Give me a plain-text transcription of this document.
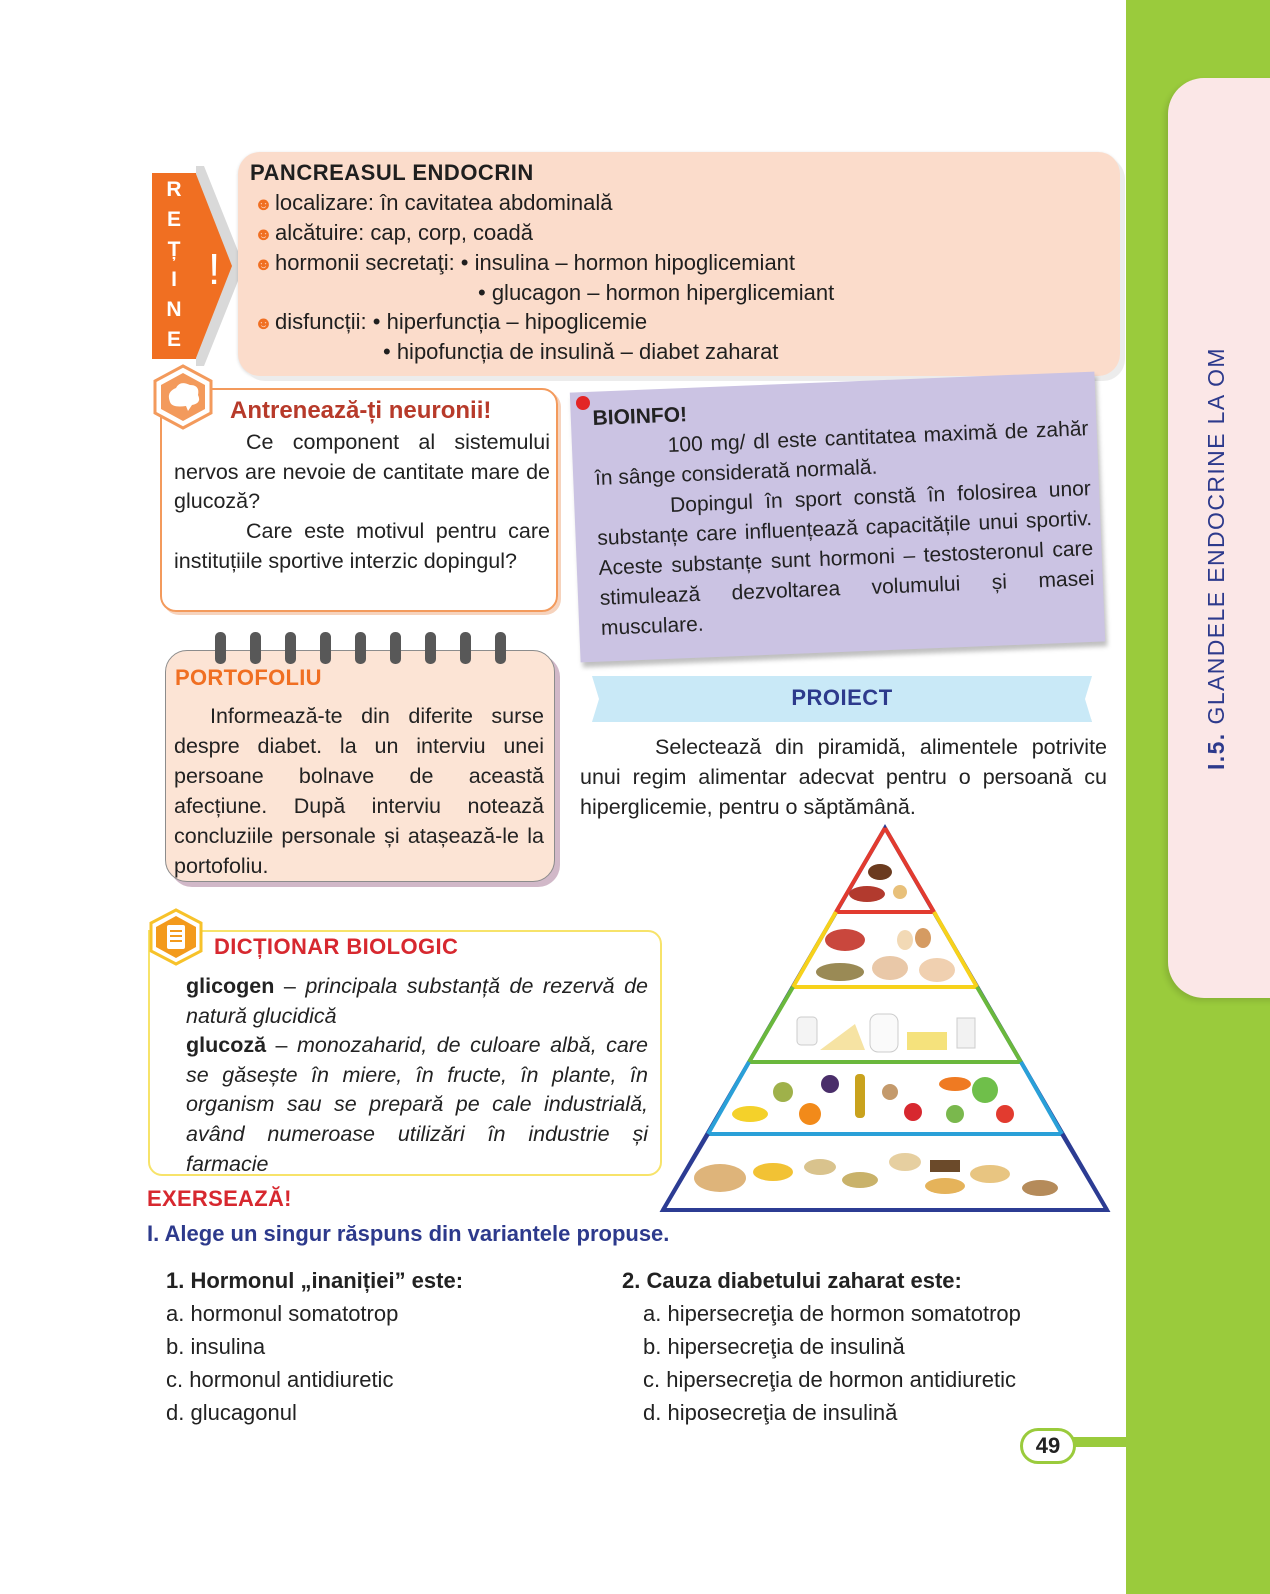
I.5.GLANDELE ENDOCRINE LA OM
R
E
Ț
I
N
E
!
PANCREASUL ENDOCRIN
☻localizare: în cavitatea abdominală
☻alcătuire: cap, corp, coadă
☻hormonii secretaţi: • insulina – hormon hipoglicemiant
• glucagon – hormon hiperglicemiant
☻disfuncții: • hiperfuncția – hipoglicemie
• hipofuncția de insulină – diabet zaharat
Antrenează-ți neuronii!
Ce component al sistemului nervos are nevoie de cantitate mare de glucoză?
Care este motivul pentru care instituțiile sportive interzic dopingul?
BIOINFO!

100 mg/ dl este cantitatea maximă de zahăr în sânge considerată normală.

Dopingul în sport constă în folosirea unor substanțe care influențează capacitățile unui sportiv. Aceste substanțe sunt hormoni – testosteronul care stimulează dezvoltarea volumului și masei musculare.

PORTOFOLIU
Informează-te din diferite surse despre diabet. la un interviu unei persoane bolnave de această afecțiune. După interviu notează concluziile personale și atașează-le la portofoliu.
PROIECT
Selectează din piramidă, alimentele potrivite unui regim alimentar adecvat pentru o persoană cu hiperglicemie, pentru o săptămână.
DICȚIONAR BIOLOGIC
glicogen – principala substanță de rezervă de natură glucidică
glucoză – monozaharid, de culoare albă, care se găsește în miere, în fructe, în plante, în organism sau se prepară pe cale industrială, având numeroase utilizări în industrie și farmacie
EXERSEAZĂ!
I. Alege un singur răspuns din variantele propuse.
1. Hormonul „inaniției” este:
a. hormonul somatotrop
b. insulina
c. hormonul antidiuretic
d. glucagonul
2. Cauza diabetului zaharat este:
a. hipersecreţia de hormon somatotrop
b. hipersecreţia de insulină
c. hipersecreţia de hormon antidiuretic
d. hiposecreţia de insulină
49
